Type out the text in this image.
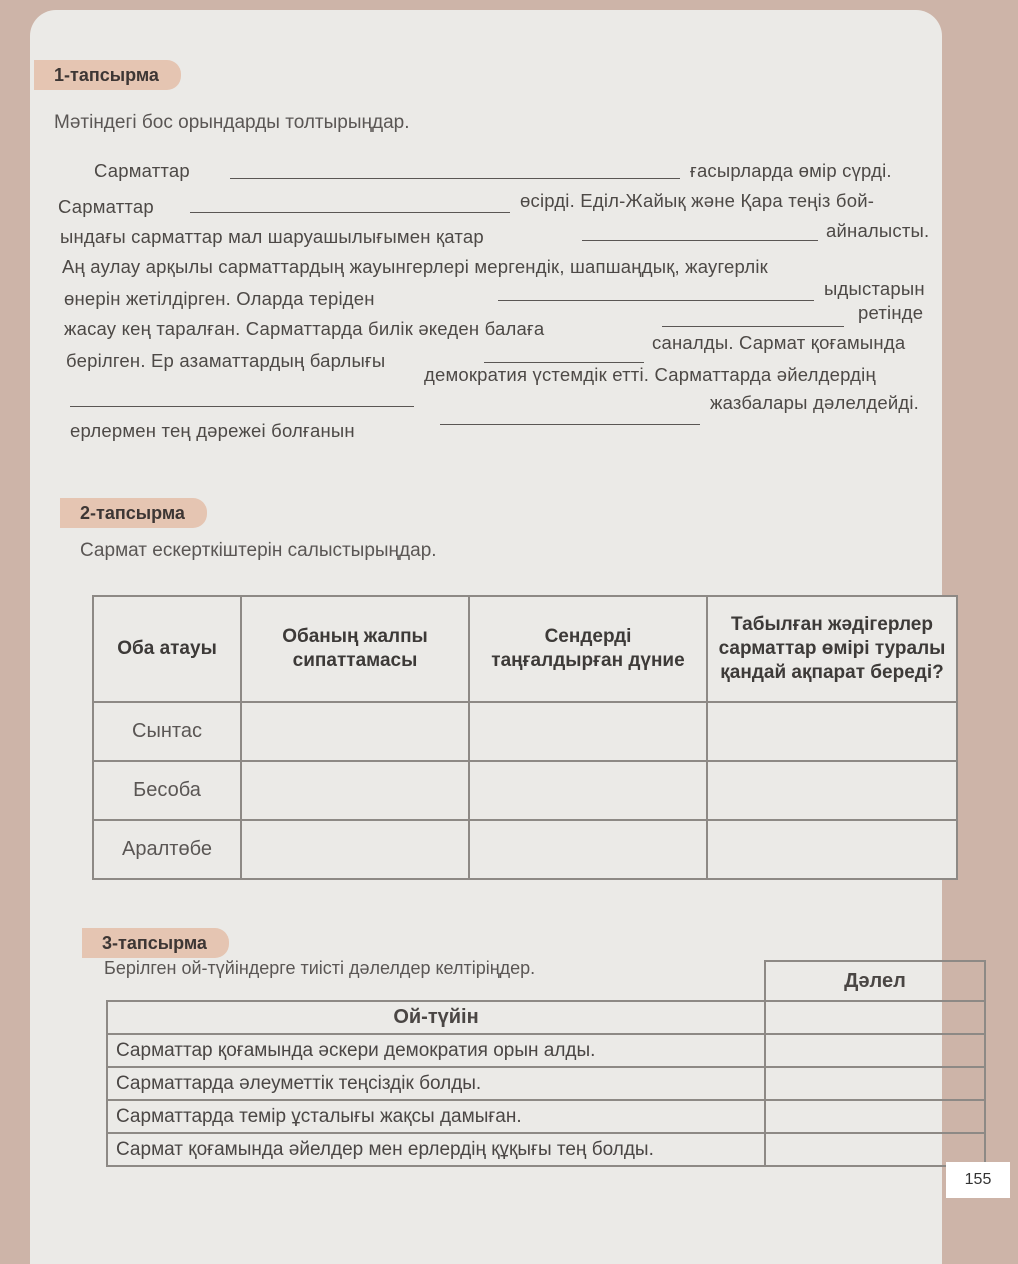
1-тапсырма
Мәтіндегі бос орындарды толтырыңдар.
Сарматтар	ғасырларда өмір сүрді.
Сарматтар	өсірді. Еділ-Жайық және Қара теңіз бой-
ындағы сарматтар мал шаруашылығымен қатар	айналысты.
Аң аулау арқылы сарматтардың жауынгерлері мергендік, шапшаңдық, жаугерлік
өнерін жетілдірген. Оларда теріден	ыдыстарын
жасау кең таралған. Сарматтарда билік әкеден балаға
ретінде
берілген. Ер азаматтардың барлығы
саналды. Сармат қоғамында
демократия үстемдік етті. Сарматтарда әйелдердің
ерлермен тең дәрежеі болғанын
жазбалары дәлелдейді.
2-тапсырма
Сармат ескерткіштерін салыстырыңдар.
Оба атауы	Обаның жалпы сипаттамасы	Сендерді таңғалдырған дүние	Табылған жәдігерлер сарматтар өмірі туралы қандай ақпарат береді?
Сынтас			
Бесоба			
Аралтөбе			
3-тапсырма
Берілген ой-түйіндерге тиісті дәлелдер келтіріңдер.
	Дәлел
Ой-түйін	
Сарматтар қоғамында әскери демократия орын алды.	
Сарматтарда әлеуметтік теңсіздік болды.	
Сарматтарда темір ұсталығы жақсы дамыған.	
Сармат қоғамында әйелдер мен ерлердің құқығы тең болды.	
155
